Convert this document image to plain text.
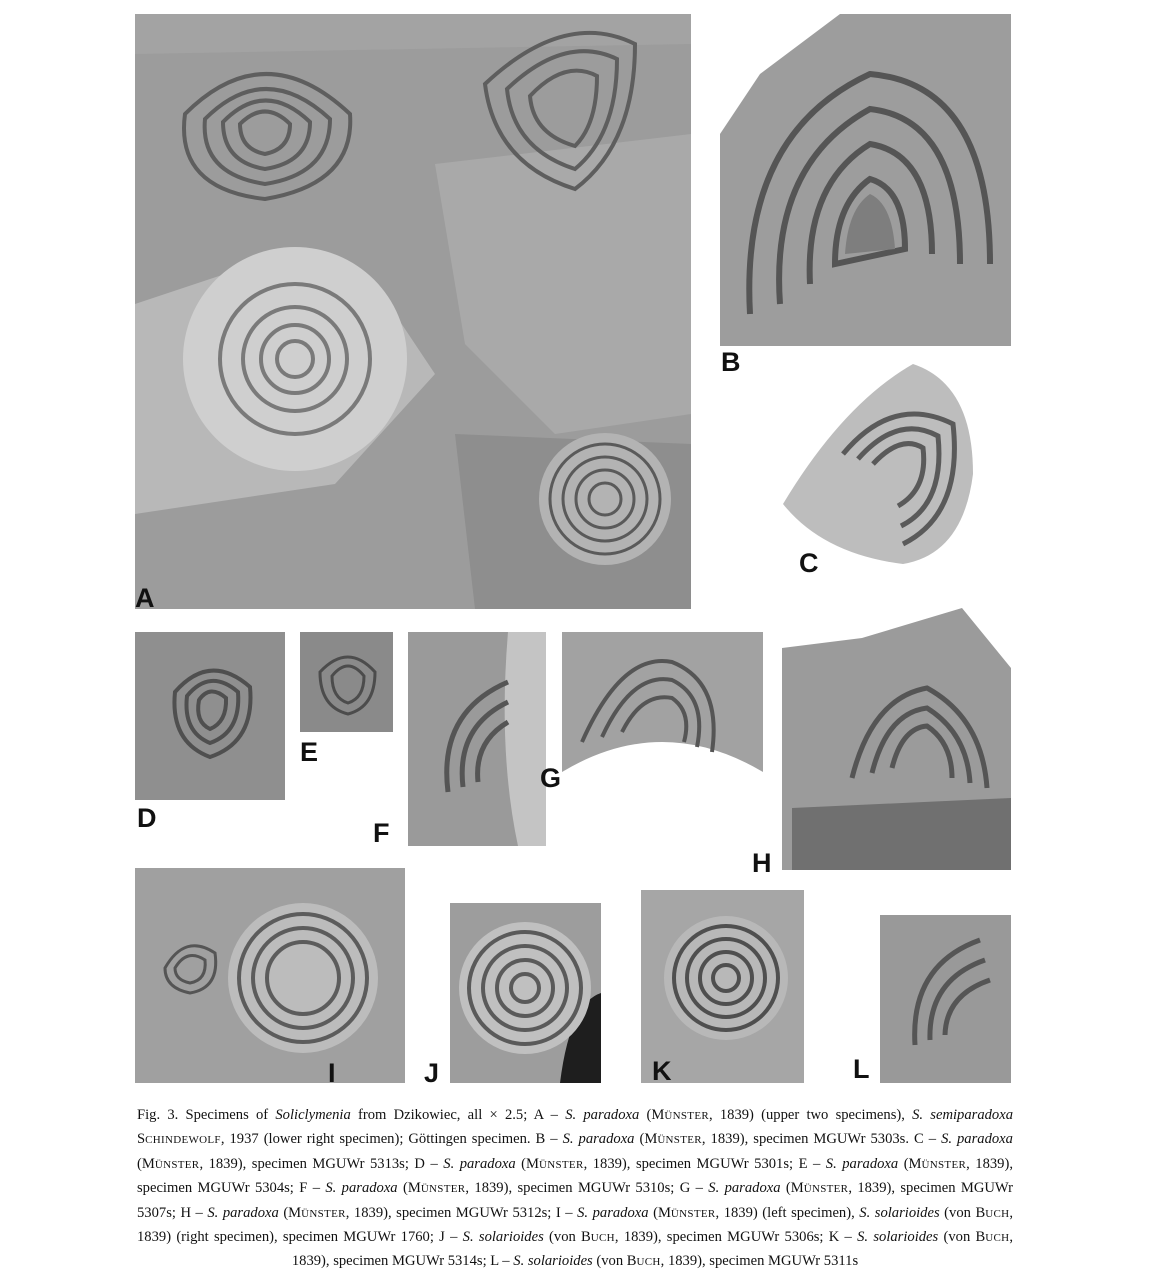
A
B
C
D
E
F
G
H
I	J	K	L
Fig. 3. Specimens of Soliclymenia from Dzikowiec, all × 2.5; A – S. paradoxa (MÜNSTER, 1839) (upper two specimens), S. semiparadoxa SCHINDEWOLF, 1937 (lower right specimen); Göttingen specimen. B – S. paradoxa (MÜNSTER, 1839), specimen MGUWr 5303s. C – S. paradoxa (MÜNSTER, 1839), specimen MGUWr 5313s; D – S. paradoxa (MÜNSTER, 1839), specimen MGUWr 5301s; E – S. paradoxa (MÜNSTER, 1839), specimen MGUWr 5304s; F – S. paradoxa (MÜNSTER, 1839), specimen MGUWr 5310s; G – S. paradoxa (MÜNSTER, 1839), specimen MGUWr 5307s; H – S. paradoxa (MÜNSTER, 1839), specimen MGUWr 5312s; I – S. paradoxa (MÜNSTER, 1839) (left specimen), S. solarioides (von BUCH, 1839) (right specimen), specimen MGUWr 1760; J – S. solarioides (von BUCH, 1839), specimen MGUWr 5306s; K – S. solarioides (von BUCH, 1839), specimen MGUWr 5314s; L – S. solarioides (von BUCH, 1839), specimen MGUWr 5311s
